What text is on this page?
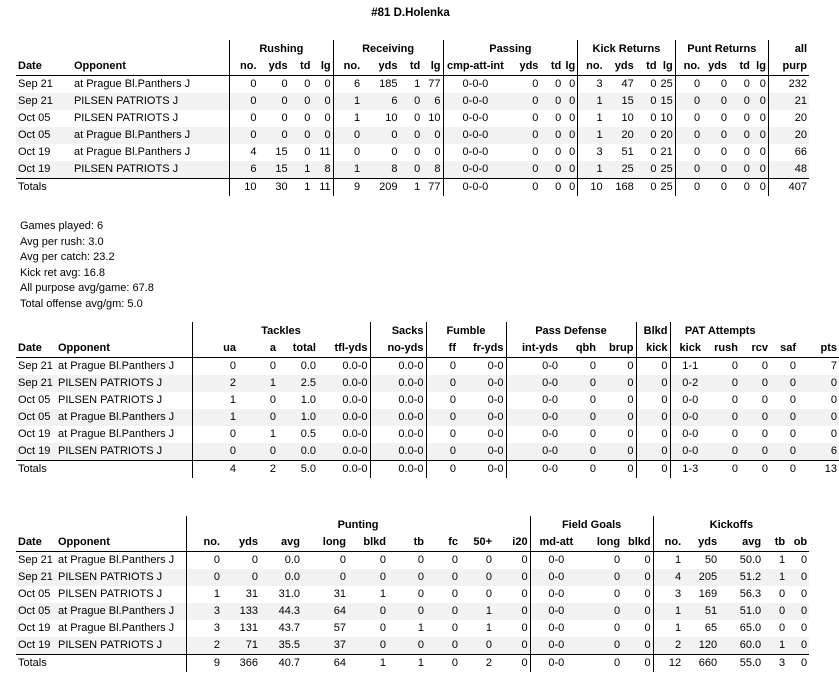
#81 D.Holenka
		Rushing				Receiving				Passing				Kick Returns				Punt Returns				all
Date	Opponent	no.	yds	td	lg	no.	yds	td	lg	cmp-att-int	yds	td	lg	no.	yds	td	lg	no.	yds	td	lg	purp
Sep 21	at Prague Bl.Panthers J	0	0	0	0	6	185	1	77	0-0-0	0	0	0	3	47	0	25	0	0	0	0	232
Sep 21	PILSEN PATRIOTS J	0	0	0	0	1	6	0	6	0-0-0	0	0	0	1	15	0	15	0	0	0	0	21
Oct 05	PILSEN PATRIOTS J	0	0	0	0	1	10	0	10	0-0-0	0	0	0	1	10	0	10	0	0	0	0	20
Oct 05	at Prague Bl.Panthers J	0	0	0	0	0	0	0	0	0-0-0	0	0	0	1	20	0	20	0	0	0	0	20
Oct 19	at Prague Bl.Panthers J	4	15	0	11	0	0	0	0	0-0-0	0	0	0	3	51	0	21	0	0	0	0	66
Oct 19	PILSEN PATRIOTS J	6	15	1	8	1	8	0	8	0-0-0	0	0	0	1	25	0	25	0	0	0	0	48
Totals		10	30	1	11	9	209	1	77	0-0-0	0	0	0	10	168	0	25	0	0	0	0	407
Games played: 6
Avg per rush: 3.0
Avg per catch: 23.2
Kick ret avg: 16.8
All purpose avg/game: 67.8
Total offense avg/gm: 5.0
		Tackles				Sacks	Fumble		Pass Defense			Blkd	PAT Attempts				
Date	Opponent	ua	a	total	tfl-yds	no-yds	ff	fr-yds	int-yds	qbh	brup	kick	kick	rush	rcv	saf	pts
Sep 21	at Prague Bl.Panthers J	0	0	0.0	0.0-0	0.0-0	0	0-0	0-0	0	0	0	1-1	0	0	0	7
Sep 21	PILSEN PATRIOTS J	2	1	2.5	0.0-0	0.0-0	0	0-0	0-0	0	0	0	0-2	0	0	0	0
Oct 05	PILSEN PATRIOTS J	1	0	1.0	0.0-0	0.0-0	0	0-0	0-0	0	0	0	0-0	0	0	0	0
Oct 05	at Prague Bl.Panthers J	1	0	1.0	0.0-0	0.0-0	0	0-0	0-0	0	0	0	0-0	0	0	0	0
Oct 19	at Prague Bl.Panthers J	0	1	0.5	0.0-0	0.0-0	0	0-0	0-0	0	0	0	0-0	0	0	0	0
Oct 19	PILSEN PATRIOTS J	0	0	0.0	0.0-0	0.0-0	0	0-0	0-0	0	0	0	0-0	0	0	0	6
Totals		4	2	5.0	0.0-0	0.0-0	0	0-0	0-0	0	0	0	1-3	0	0	0	13
		Punting									Field Goals			Kickoffs				
Date	Opponent	no.	yds	avg	long	blkd	tb	fc	50+	i20	md-att	long	blkd	no.	yds	avg	tb	ob
Sep 21	at Prague Bl.Panthers J	0	0	0.0	0	0	0	0	0	0	0-0	0	0	1	50	50.0	1	0
Sep 21	PILSEN PATRIOTS J	0	0	0.0	0	0	0	0	0	0	0-0	0	0	4	205	51.2	1	0
Oct 05	PILSEN PATRIOTS J	1	31	31.0	31	1	0	0	0	0	0-0	0	0	3	169	56.3	0	0
Oct 05	at Prague Bl.Panthers J	3	133	44.3	64	0	0	0	1	0	0-0	0	0	1	51	51.0	0	0
Oct 19	at Prague Bl.Panthers J	3	131	43.7	57	0	1	0	1	0	0-0	0	0	1	65	65.0	0	0
Oct 19	PILSEN PATRIOTS J	2	71	35.5	37	0	0	0	0	0	0-0	0	0	2	120	60.0	1	0
Totals		9	366	40.7	64	1	1	0	2	0	0-0	0	0	12	660	55.0	3	0
